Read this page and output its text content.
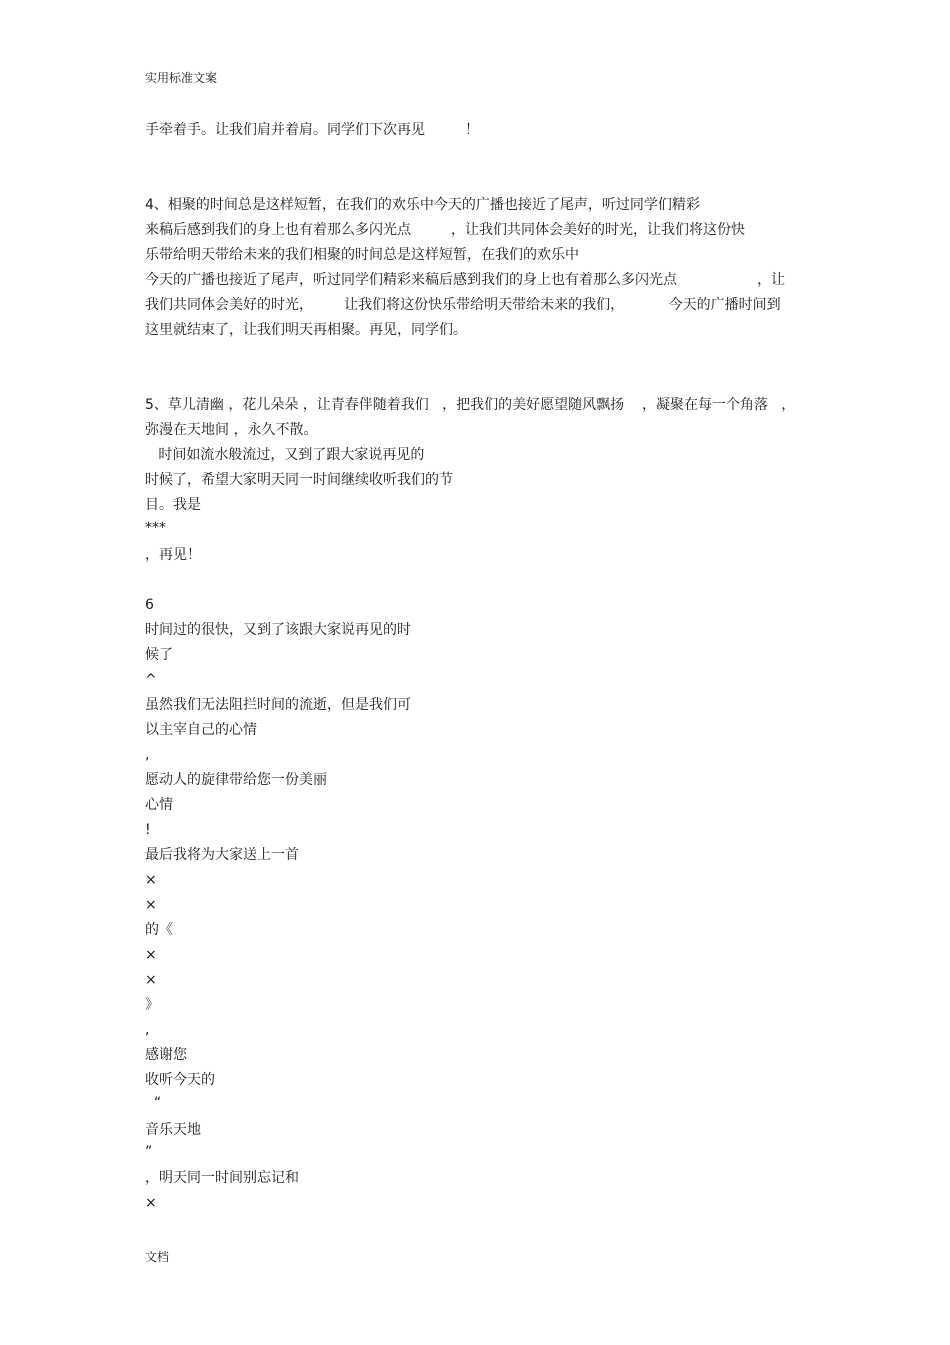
实用标准文案

手牵着手。让我们肩并着肩。同学们下次再见         ！

4、相聚的时间总是这样短暂，在我们的欢乐中今天的广播也接近了尾声，听过同学们精彩

来稿后感到我们的身上也有着那么多闪光点         ，让我们共同体会美好的时光，让我们将这份快

乐带给明天带给未来的我们相聚的时间总是这样短暂，在我们的欢乐中

今天的广播也接近了尾声，听过同学们精彩来稿后感到我们的身上也有着那么多闪光点                  ，让

我们共同体会美好的时光，       让我们将这份快乐带给明天带给未来的我们，          今天的广播时间到

这里就结束了，让我们明天再相聚。再见，同学们。

5、草儿清幽 ，花儿朵朵 ，让青春伴随着我们   ，把我们的美好愿望随风飘扬    ，凝聚在每一个角落   ，

弥漫在天地间 ，永久不散。

时间如流水般流过，又到了跟大家说再见的

时候了，希望大家明天同一时间继续收听我们的节

目。我是

***

，再见！

6

时间过的很快，又到了该跟大家说再见的时

候了

^

虽然我们无法阻拦时间的流逝，但是我们可

以主宰自己的心情

,

愿动人的旋律带给您一份美丽

心情

!

最后我将为大家送上一首

×

×

的《

×

×

》

,

感谢您

收听今天的

“

音乐天地

”

，明天同一时间别忘记和

×

文档
